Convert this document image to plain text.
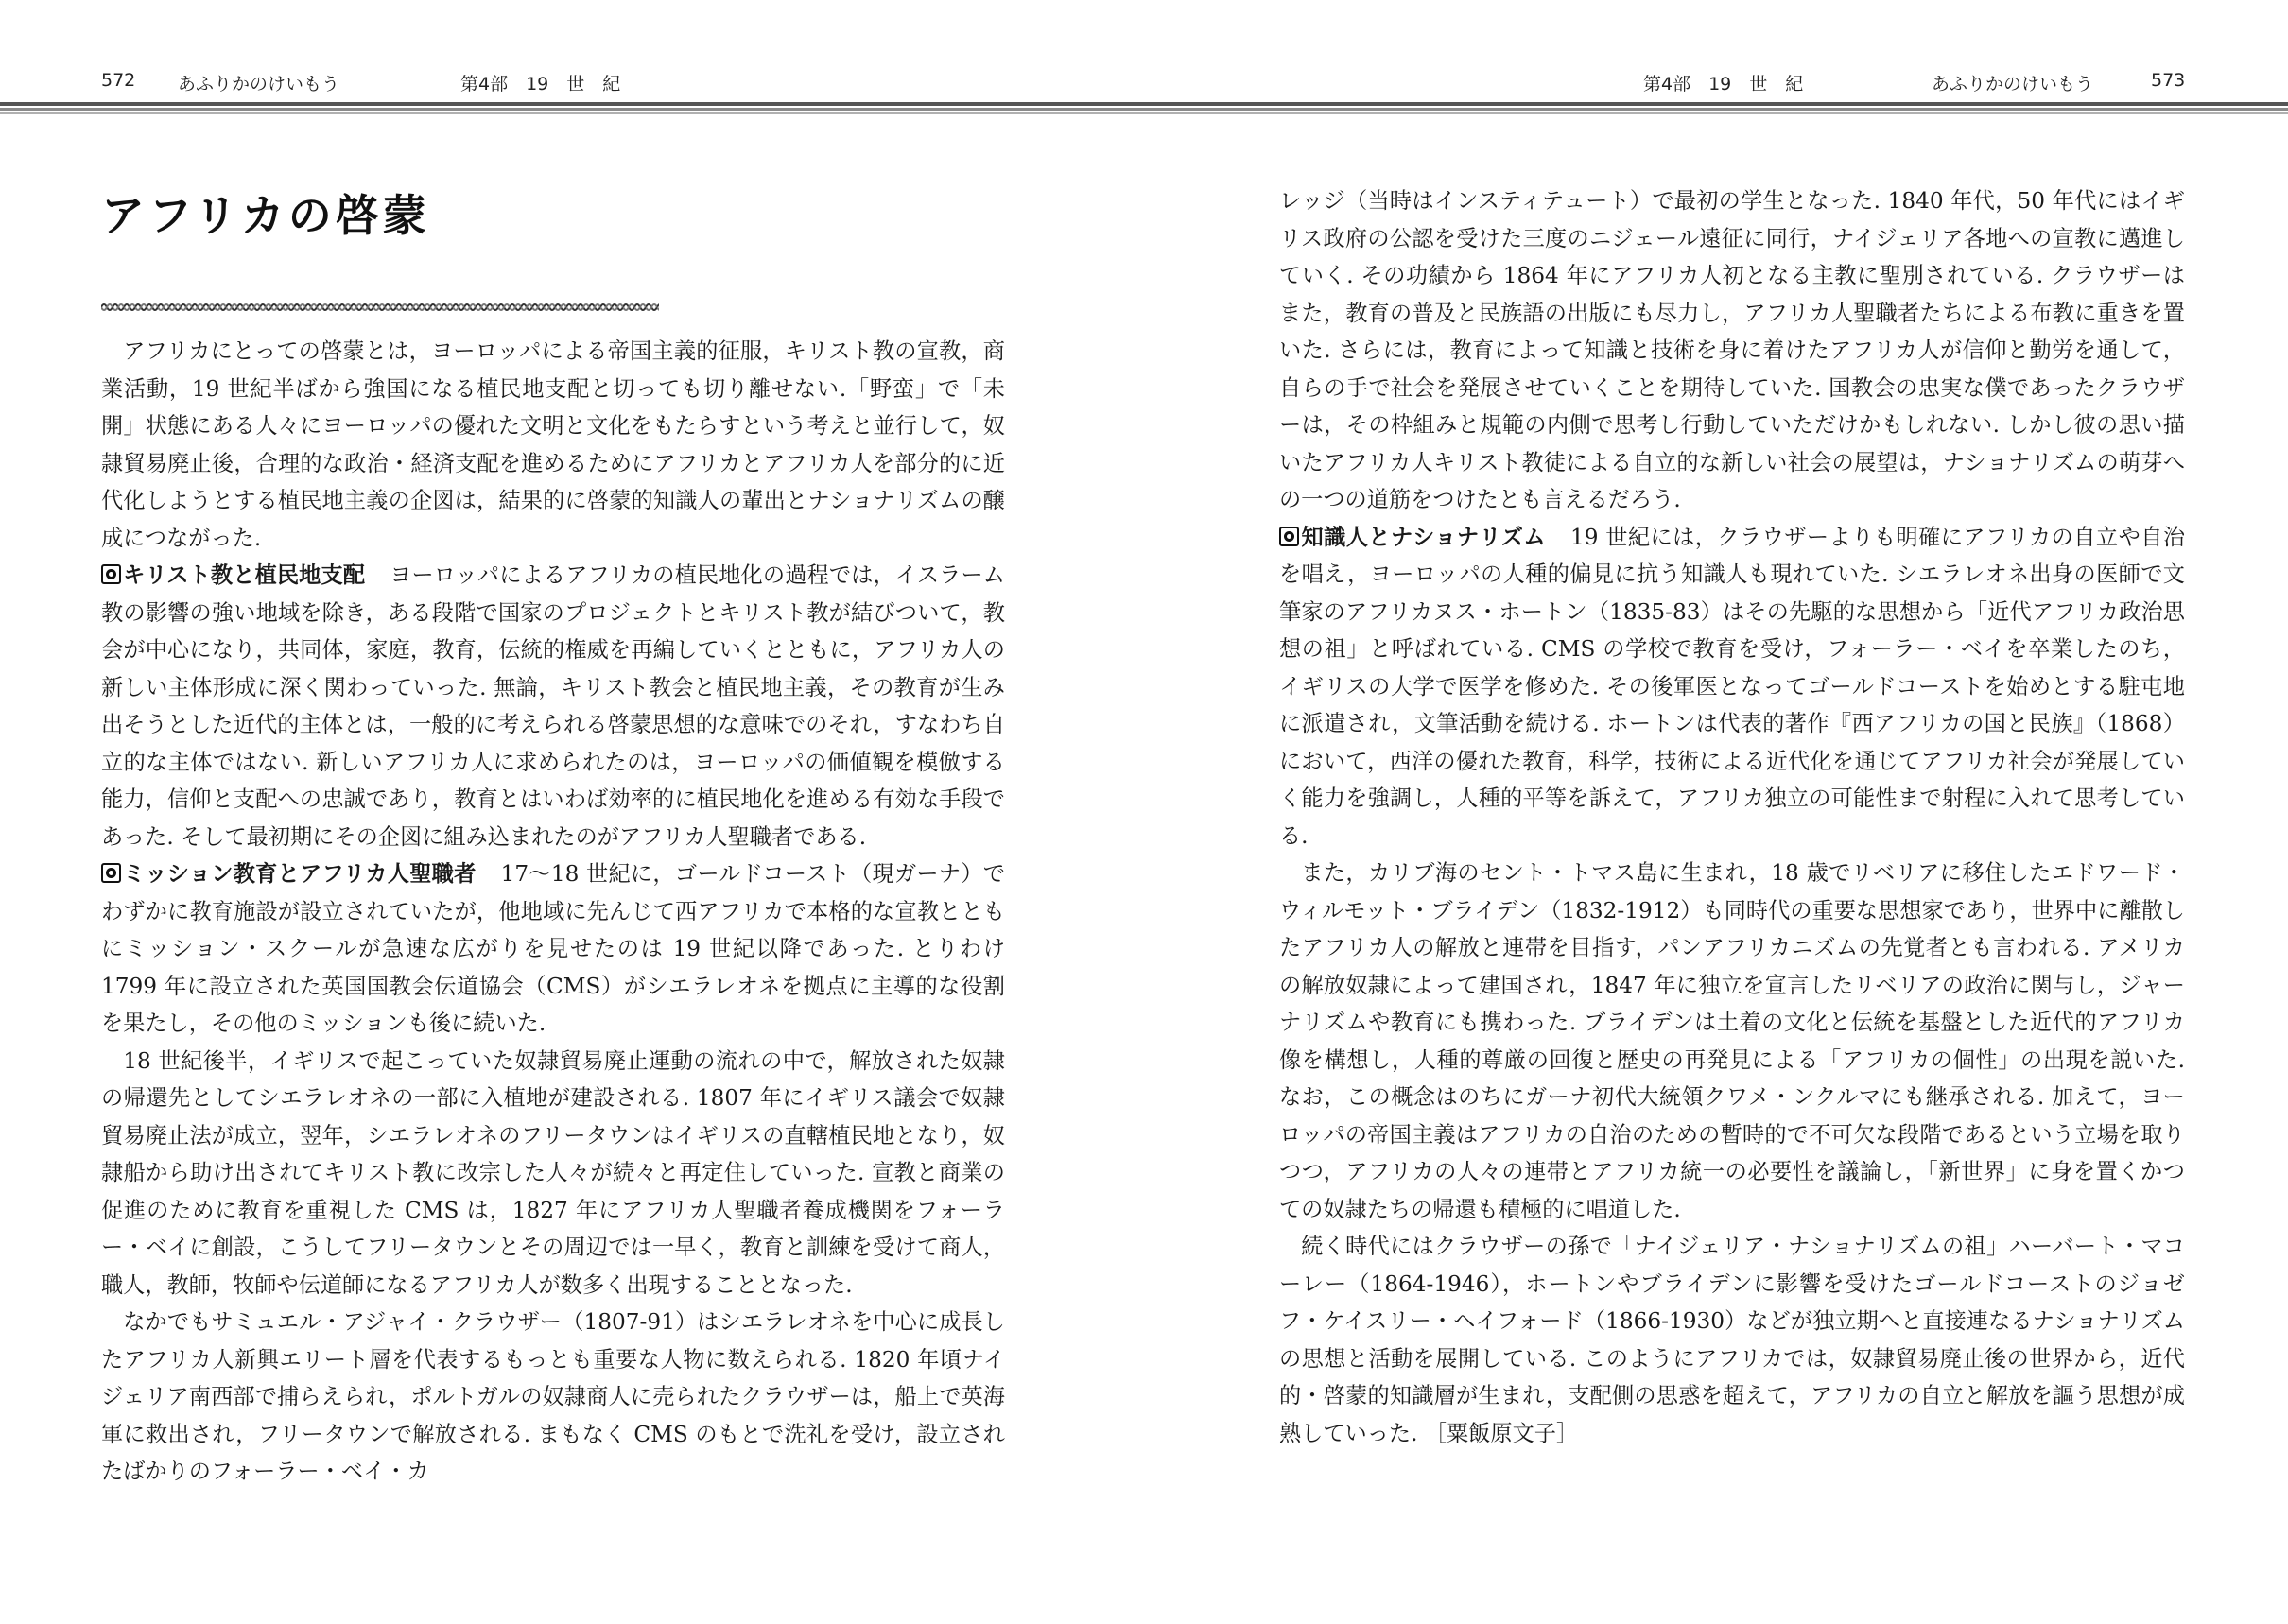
572 あふりかのけいもう	第4部　19　世　紀	第4部　19　世　紀	あふりかのけいもう	573
アフリカの啓蒙

アフリカにとっての啓蒙とは，ヨーロッパによる帝国主義的征服，キリスト教の宣教，商業活動，19 世紀半ばから強国になる植民地支配と切っても切り離せない.「野蛮」で「未開」状態にある人々にヨーロッパの優れた文明と文化をもたらすという考えと並行して，奴隷貿易廃止後，合理的な政治・経済支配を進めるためにアフリカとアフリカ人を部分的に近代化しようとする植民地主義の企図は，結果的に啓蒙的知識人の輩出とナショナリズムの醸成につながった.

キリスト教と植民地支配 ヨーロッパによるアフリカの植民地化の過程では，イスラーム教の影響の強い地域を除き，ある段階で国家のプロジェクトとキリスト教が結びついて，教会が中心になり，共同体，家庭，教育，伝統的権威を再編していくとともに，アフリカ人の新しい主体形成に深く関わっていった. 無論，キリスト教会と植民地主義，その教育が生み出そうとした近代的主体とは，一般的に考えられる啓蒙思想的な意味でのそれ，すなわち自立的な主体ではない. 新しいアフリカ人に求められたのは，ヨーロッパの価値観を模倣する能力，信仰と支配への忠誠であり，教育とはいわば効率的に植民地化を進める有効な手段であった. そして最初期にその企図に組み込まれたのがアフリカ人聖職者である.

ミッション教育とアフリカ人聖職者 17〜18 世紀に，ゴールドコースト（現ガーナ）でわずかに教育施設が設立されていたが，他地域に先んじて西アフリカで本格的な宣教とともにミッション・スクールが急速な広がりを見せたのは 19 世紀以降であった. とりわけ 1799 年に設立された英国国教会伝道協会（CMS）がシエラレオネを拠点に主導的な役割を果たし，その他のミッションも後に続いた.

18 世紀後半，イギリスで起こっていた奴隷貿易廃止運動の流れの中で，解放された奴隷の帰還先としてシエラレオネの一部に入植地が建設される. 1807 年にイギリス議会で奴隷貿易廃止法が成立，翌年，シエラレオネのフリータウンはイギリスの直轄植民地となり，奴隷船から助け出されてキリスト教に改宗した人々が続々と再定住していった. 宣教と商業の促進のために教育を重視した CMS は，1827 年にアフリカ人聖職者養成機関をフォーラー・ベイに創設，こうしてフリータウンとその周辺では一早く，教育と訓練を受けて商人，職人，教師，牧師や伝道師になるアフリカ人が数多く出現することとなった.

なかでもサミュエル・アジャイ・クラウザー（1807-91）はシエラレオネを中心に成長したアフリカ人新興エリート層を代表するもっとも重要な人物に数えられる. 1820 年頃ナイジェリア南西部で捕らえられ，ポルトガルの奴隷商人に売られたクラウザーは，船上で英海軍に救出され，フリータウンで解放される. まもなく CMS のもとで洗礼を受け，設立されたばかりのフォーラー・ベイ・カ

レッジ（当時はインスティテュート）で最初の学生となった. 1840 年代，50 年代にはイギリス政府の公認を受けた三度のニジェール遠征に同行，ナイジェリア各地への宣教に邁進していく. その功績から 1864 年にアフリカ人初となる主教に聖別されている. クラウザーはまた，教育の普及と民族語の出版にも尽力し，アフリカ人聖職者たちによる布教に重きを置いた. さらには，教育によって知識と技術を身に着けたアフリカ人が信仰と勤労を通して，自らの手で社会を発展させていくことを期待していた. 国教会の忠実な僕であったクラウザーは，その枠組みと規範の内側で思考し行動していただけかもしれない. しかし彼の思い描いたアフリカ人キリスト教徒による自立的な新しい社会の展望は，ナショナリズムの萌芽への一つの道筋をつけたとも言えるだろう.

知識人とナショナリズム 19 世紀には，クラウザーよりも明確にアフリカの自立や自治を唱え，ヨーロッパの人種的偏見に抗う知識人も現れていた. シエラレオネ出身の医師で文筆家のアフリカヌス・ホートン（1835-83）はその先駆的な思想から「近代アフリカ政治思想の祖」と呼ばれている. CMS の学校で教育を受け，フォーラー・ベイを卒業したのち，イギリスの大学で医学を修めた. その後軍医となってゴールドコーストを始めとする駐屯地に派遣され，文筆活動を続ける. ホートンは代表的著作『西アフリカの国と民族』（1868）において，西洋の優れた教育，科学，技術による近代化を通じてアフリカ社会が発展していく能力を強調し，人種的平等を訴えて，アフリカ独立の可能性まで射程に入れて思考している.

また，カリブ海のセント・トマス島に生まれ，18 歳でリベリアに移住したエドワード・ウィルモット・ブライデン（1832-1912）も同時代の重要な思想家であり，世界中に離散したアフリカ人の解放と連帯を目指す，パンアフリカニズムの先覚者とも言われる. アメリカの解放奴隷によって建国され，1847 年に独立を宣言したリベリアの政治に関与し，ジャーナリズムや教育にも携わった. ブライデンは土着の文化と伝統を基盤とした近代的アフリカ像を構想し，人種的尊厳の回復と歴史の再発見による「アフリカの個性」の出現を説いた. なお，この概念はのちにガーナ初代大統領クワメ・ンクルマにも継承される. 加えて，ヨーロッパの帝国主義はアフリカの自治のための暫時的で不可欠な段階であるという立場を取りつつ，アフリカの人々の連帯とアフリカ統一の必要性を議論し，「新世界」に身を置くかつての奴隷たちの帰還も積極的に唱道した.

続く時代にはクラウザーの孫で「ナイジェリア・ナショナリズムの祖」ハーバート・マコーレー（1864-1946），ホートンやブライデンに影響を受けたゴールドコーストのジョゼフ・ケイスリー・ヘイフォード（1866-1930）などが独立期へと直接連なるナショナリズムの思想と活動を展開している. このようにアフリカでは，奴隷貿易廃止後の世界から，近代的・啓蒙的知識層が生まれ，支配側の思惑を超えて，アフリカの自立と解放を謳う思想が成熟していった. ［粟飯原文子］
